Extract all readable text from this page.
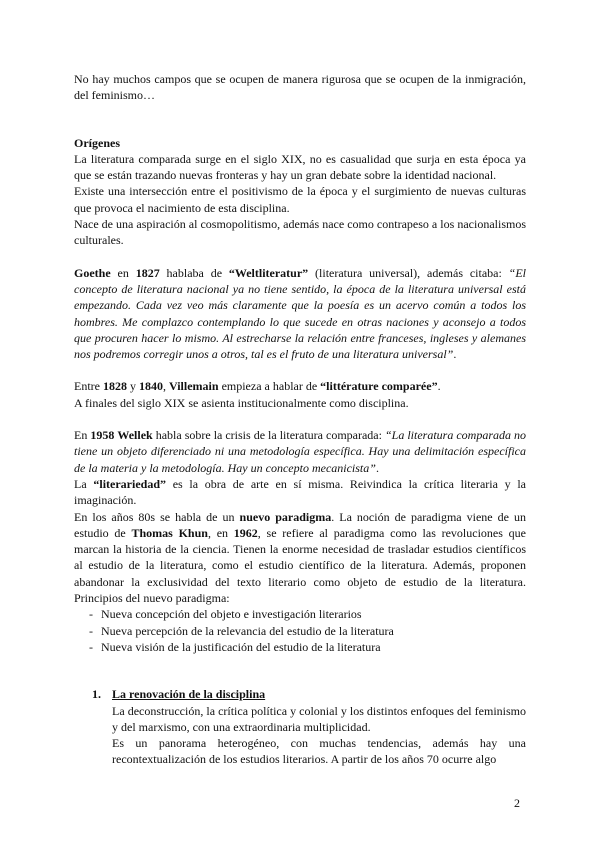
No hay muchos campos que se ocupen de manera rigurosa que se ocupen de la inmigración, del feminismo…

Orígenes

La literatura comparada surge en el siglo XIX, no es casualidad que surja en esta época ya que se están trazando nuevas fronteras y hay un gran debate sobre la identidad nacional.

Existe una intersección entre el positivismo de la época y el surgimiento de nuevas culturas que provoca el nacimiento de esta disciplina.

Nace de una aspiración al cosmopolitismo, además nace como contrapeso a los nacionalismos culturales.

Goethe en 1827 hablaba de “Weltliteratur” (literatura universal), además citaba: “El concepto de literatura nacional ya no tiene sentido, la época de la literatura universal está empezando. Cada vez veo más claramente que la poesía es un acervo común a todos los hombres. Me complazco contemplando lo que sucede en otras naciones y aconsejo a todos que procuren hacer lo mismo. Al estrecharse la relación entre franceses, ingleses y alemanes nos podremos corregir unos a otros, tal es el fruto de una literatura universal”.

Entre 1828 y 1840, Villemain empieza a hablar de “littérature comparée”.

A finales del siglo XIX se asienta institucionalmente como disciplina.

En 1958 Wellek habla sobre la crisis de la literatura comparada: “La literatura comparada no tiene un objeto diferenciado ni una metodología específica. Hay una delimitación específica de la materia y la metodología. Hay un concepto mecanicista”.

La “literariedad” es la obra de arte en sí misma. Reivindica la crítica literaria y la imaginación.

En los años 80s se habla de un nuevo paradigma. La noción de paradigma viene de un estudio de Thomas Khun, en 1962, se refiere al paradigma como las revoluciones que marcan la historia de la ciencia. Tienen la enorme necesidad de trasladar estudios científicos al estudio de la literatura, como el estudio científico de la literatura. Además, proponen abandonar la exclusividad del texto literario como objeto de estudio de la literatura. Principios del nuevo paradigma:

- Nueva concepción del objeto e investigación literarios
- Nueva percepción de la relevancia del estudio de la literatura
- Nueva visión de la justificación del estudio de la literatura

1. La renovación de la disciplina

La deconstrucción, la crítica política y colonial y los distintos enfoques del feminismo y del marxismo, con una extraordinaria multiplicidad.

Es un panorama heterogéneo, con muchas tendencias, además hay una recontextualización de los estudios literarios. A partir de los años 70 ocurre algo

2
